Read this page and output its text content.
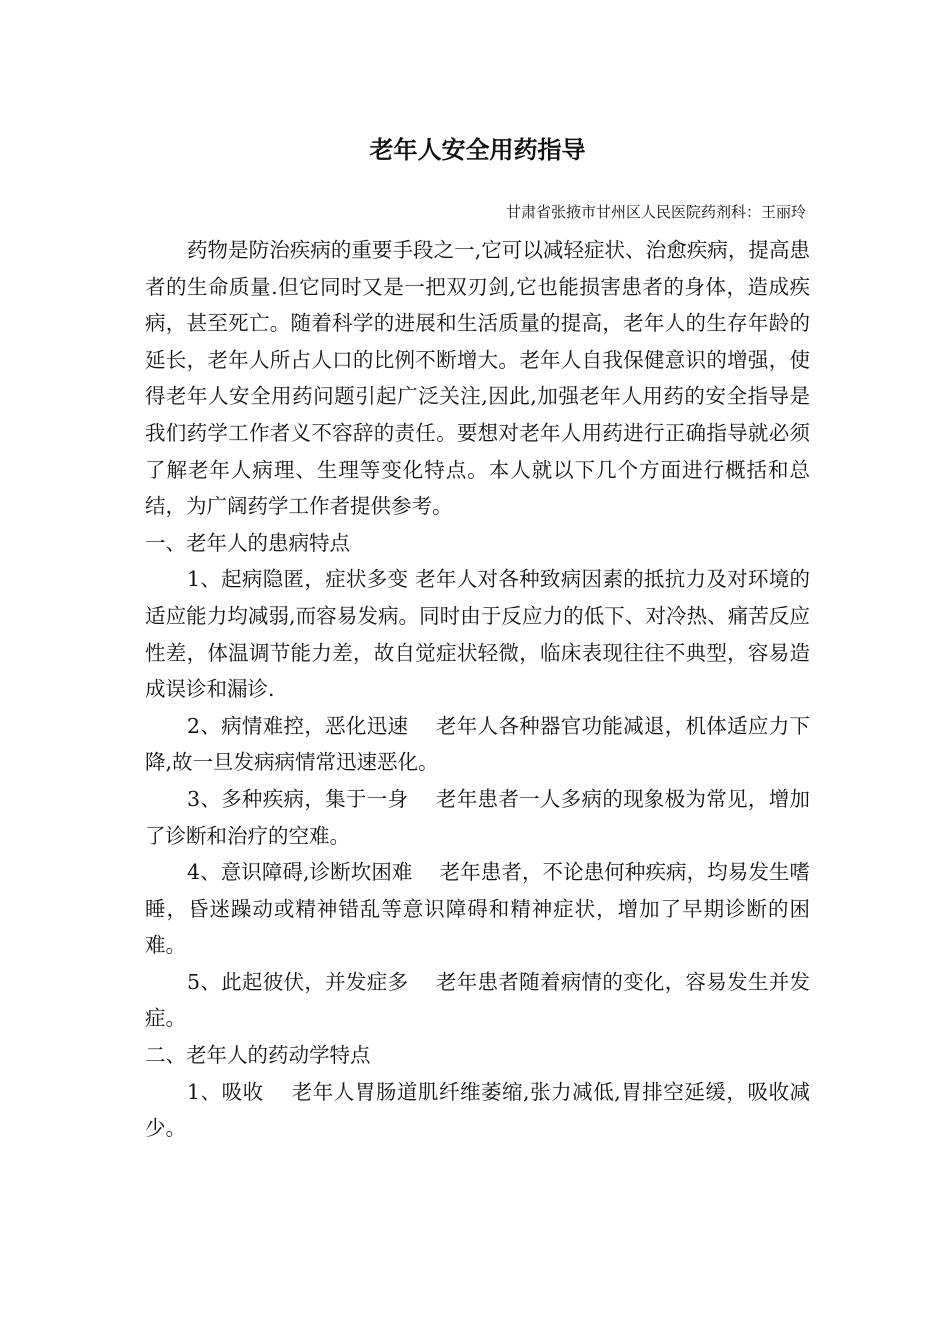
老年人安全用药指导
甘肃省张掖市甘州区人民医院药剂科：王丽玲

药物是防治疾病的重要手段之一,它可以减轻症状、治愈疾病，提高患者的生命质量.但它同时又是一把双刃剑,它也能损害患者的身体，造成疾病，甚至死亡。随着科学的进展和生活质量的提高，老年人的生存年龄的延长，老年人所占人口的比例不断增大。老年人自我保健意识的增强，使得老年人安全用药问题引起广泛关注,因此,加强老年人用药的安全指导是我们药学工作者义不容辞的责任。要想对老年人用药进行正确指导就必须了解老年人病理、生理等变化特点。本人就以下几个方面进行概括和总结，为广阔药学工作者提供参考。

一、老年人的患病特点

1、起病隐匿，症状多变 老年人对各种致病因素的抵抗力及对环境的适应能力均减弱,而容易发病。同时由于反应力的低下、对冷热、痛苦反应性差，体温调节能力差，故自觉症状轻微，临床表现往往不典型，容易造成误诊和漏诊.

2、病情难控，恶化迅速　 老年人各种器官功能减退，机体适应力下降,故一旦发病病情常迅速恶化。

3、多种疾病，集于一身　 老年患者一人多病的现象极为常见，增加了诊断和治疗的空难。

4、意识障碍,诊断坎困难　 老年患者，不论患何种疾病，均易发生嗜睡，昏迷躁动或精神错乱等意识障碍和精神症状，增加了早期诊断的困难。

5、此起彼伏，并发症多　 老年患者随着病情的变化，容易发生并发症。

二、老年人的药动学特点

1、吸收　 老年人胃肠道肌纤维萎缩,张力减低,胃排空延缓，吸收减少。
